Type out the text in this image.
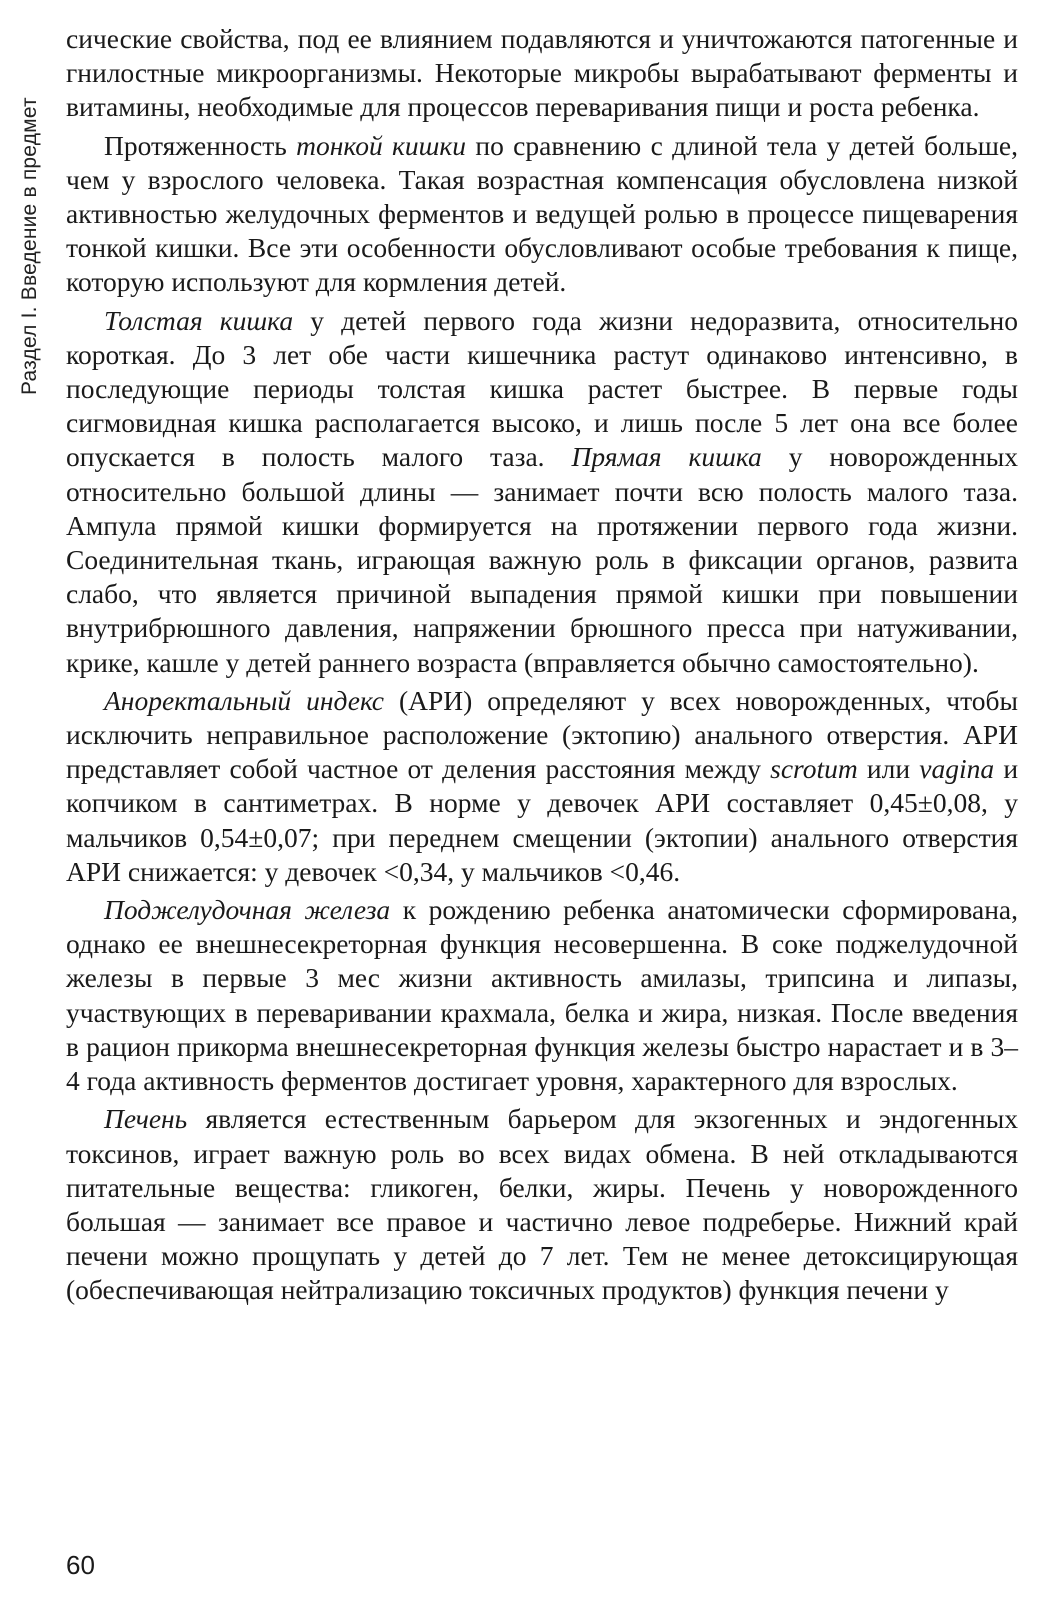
Раздел I. Введение в предмет

сические свойства, под ее влиянием подавляются и уничтожаются патогенные и гнилостные микроорганизмы. Некоторые микробы вырабатывают ферменты и витамины, необходимые для процессов переваривания пищи и роста ребенка.

Протяженность тонкой кишки по сравнению с длиной тела у детей больше, чем у взрослого человека. Такая возрастная компенсация обусловлена низкой активностью желудочных ферментов и ведущей ролью в процессе пищеварения тонкой кишки. Все эти особенности обусловливают особые требования к пище, которую используют для кормления детей.

Толстая кишка у детей первого года жизни недоразвита, относительно короткая. До 3 лет обе части кишечника растут одинаково интенсивно, в последующие периоды толстая кишка растет быстрее. В первые годы сигмовидная кишка располагается высоко, и лишь после 5 лет она все более опускается в полость малого таза. Прямая кишка у новорожденных относительно большой длины — занимает почти всю полость малого таза. Ампула прямой кишки формируется на протяжении первого года жизни. Соединительная ткань, играющая важную роль в фиксации органов, развита слабо, что является причиной выпадения прямой кишки при повышении внутрибрюшного давления, напряжении брюшного пресса при натуживании, крике, кашле у детей раннего возраста (вправляется обычно самостоятельно).

Аноректальный индекс (АРИ) определяют у всех новорожденных, чтобы исключить неправильное расположение (эктопию) анального отверстия. АРИ представляет собой частное от деления расстояния между scrotum или vagina и копчиком в сантиметрах. В норме у девочек АРИ составляет 0,45±0,08, у мальчиков 0,54±0,07; при переднем смещении (эктопии) анального отверстия АРИ снижается: у девочек <0,34, у мальчиков <0,46.

Поджелудочная железа к рождению ребенка анатомически сформирована, однако ее внешнесекреторная функция несовершенна. В соке поджелудочной железы в первые 3 мес жизни активность амилазы, трипсина и липазы, участвующих в переваривании крахмала, белка и жира, низкая. После введения в рацион прикорма внешнесекреторная функция железы быстро нарастает и в 3–4 года активность ферментов достигает уровня, характерного для взрослых.

Печень является естественным барьером для экзогенных и эндогенных токсинов, играет важную роль во всех видах обмена. В ней откладываются питательные вещества: гликоген, белки, жиры. Печень у новорожденного большая — занимает все правое и частично левое подреберье. Нижний край печени можно прощупать у детей до 7 лет. Тем не менее детоксицирующая (обеспечивающая нейтрализацию токсичных продуктов) функция печени у

60
